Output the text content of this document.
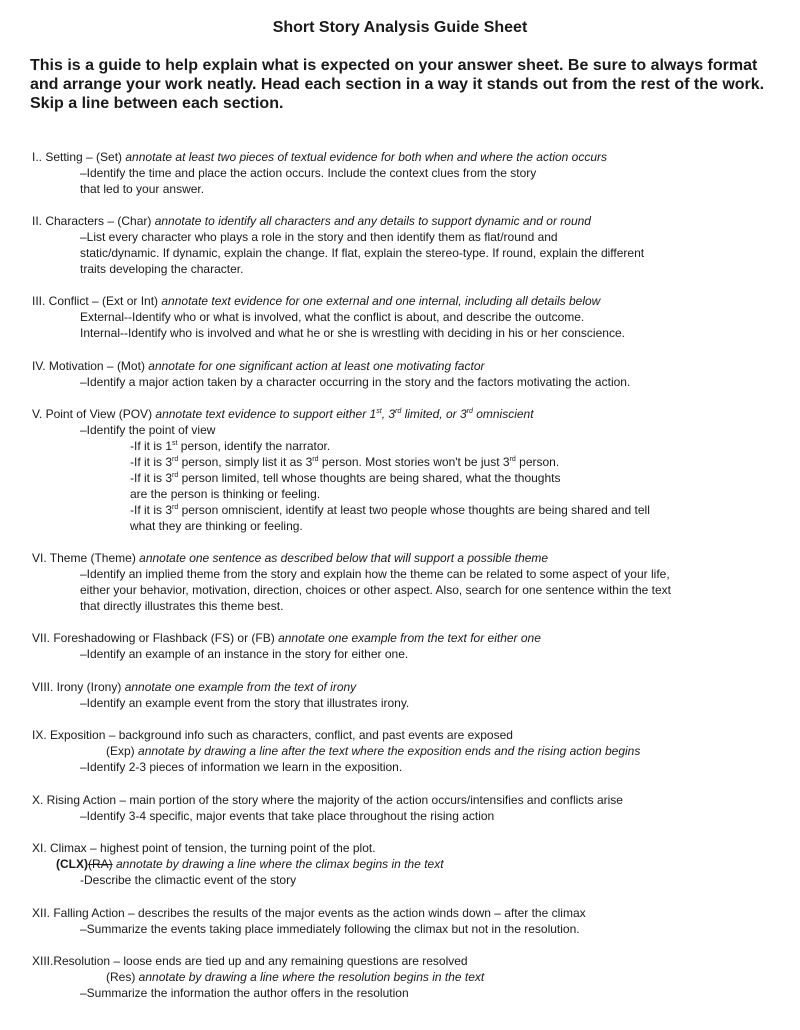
Short Story Analysis Guide Sheet
This is a guide to help explain what is expected on your answer sheet. Be sure to always format and arrange your work neatly. Head each section in a way it stands out from the rest of the work. Skip a line between each section.
I.. Setting – (Set) annotate at least two pieces of textual evidence for both when and where the action occurs
–Identify the time and place the action occurs. Include the context clues from the story
that led to your answer.
II. Characters – (Char) annotate to identify all characters and any details to support dynamic and or round
–List every character who plays a role in the story and then identify them as flat/round and
static/dynamic. If dynamic, explain the change. If flat, explain the stereo-type. If round, explain the different
traits developing the character.
III. Conflict – (Ext or Int) annotate text evidence for one external and one internal, including all details below
External--Identify who or what is involved, what the conflict is about, and describe the outcome.
Internal--Identify who is involved and what he or she is wrestling with deciding in his or her conscience.
IV. Motivation – (Mot) annotate for one significant action at least one motivating factor
–Identify a major action taken by a character occurring in the story and the factors motivating the action.
V. Point of View (POV) annotate text evidence to support either 1st, 3rd limited, or 3rd omniscient
–Identify the point of view
-If it is 1st person, identify the narrator.
-If it is 3rd person, simply list it as 3rd person. Most stories won't be just 3rd person.
-If it is 3rd person limited, tell whose thoughts are being shared, what the thoughts
are the person is thinking or feeling.
-If it is 3rd person omniscient, identify at least two people whose thoughts are being shared and tell
what they are thinking or feeling.
VI. Theme (Theme) annotate one sentence as described below that will support a possible theme
–Identify an implied theme from the story and explain how the theme can be related to some aspect of your life,
either your behavior, motivation, direction, choices or other aspect. Also, search for one sentence within the text
that directly illustrates this theme best.
VII. Foreshadowing or Flashback (FS) or (FB) annotate one example from the text for either one
–Identify an example of an instance in the story for either one.
VIII. Irony (Irony) annotate one example from the text of irony
–Identify an example event from the story that illustrates irony.
IX. Exposition – background info such as characters, conflict, and past events are exposed
(Exp) annotate by drawing a line after the text where the exposition ends and the rising action begins
–Identify 2-3 pieces of information we learn in the exposition.
X. Rising Action – main portion of the story where the majority of the action occurs/intensifies and conflicts arise
–Identify 3-4 specific, major events that take place throughout the rising action
XI. Climax – highest point of tension, the turning point of the plot.
(CLX)(RA) annotate by drawing a line where the climax begins in the text
-Describe the climactic event of the story
XII. Falling Action – describes the results of the major events as the action winds down – after the climax
–Summarize the events taking place immediately following the climax but not in the resolution.
XIII.Resolution – loose ends are tied up and any remaining questions are resolved
(Res) annotate by drawing a line where the resolution begins in the text
–Summarize the information the author offers in the resolution
